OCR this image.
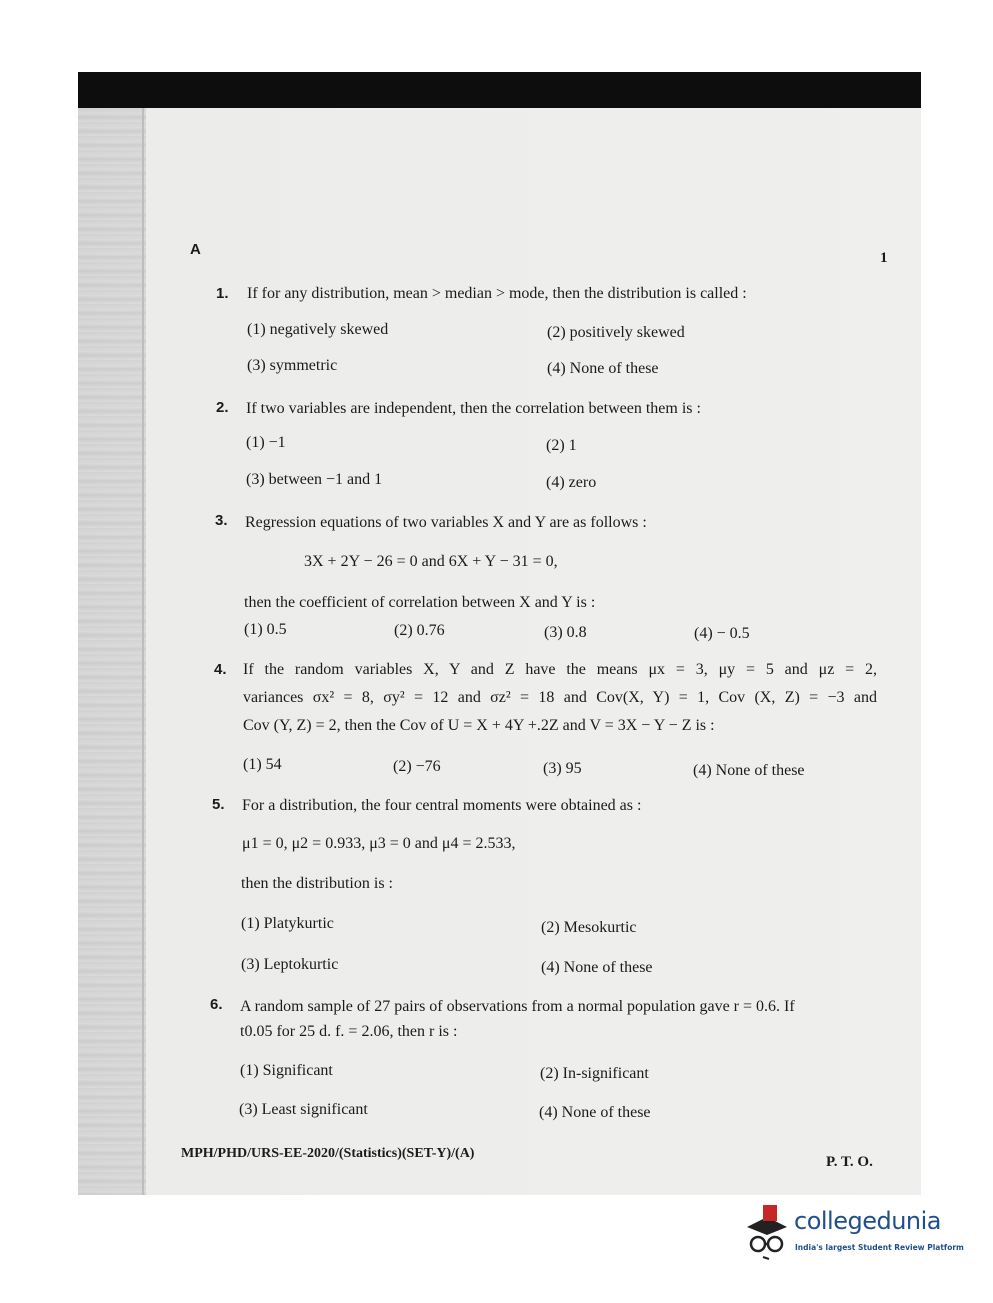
A	1
1. If for any distribution, mean > median > mode, then the distribution is called :
(1) negatively skewed	(2) positively skewed
(3) symmetric	(4) None of these
2. If two variables are independent, then the correlation between them is :
(1) −1	(2) 1
(3) between −1 and 1	(4) zero
3. Regression equations of two variables X and Y are as follows :
3X + 2Y − 26 = 0 and 6X + Y − 31 = 0,
then the coefficient of correlation between X and Y is :
(1) 0.5	(2) 0.76	(3) 0.8	(4) − 0.5
4. If the random variables X, Y and Z have the means μx = 3, μy = 5 and μz = 2,
variances σx² = 8, σy² = 12 and σz² = 18 and Cov(X, Y) = 1, Cov (X, Z) = −3 and
Cov (Y, Z) = 2, then the Cov of U = X + 4Y +.2Z and V = 3X − Y − Z is :
(1) 54	(2) −76	(3) 95	(4) None of these
5. For a distribution, the four central moments were obtained as :
μ1 = 0, μ2 = 0.933, μ3 = 0 and μ4 = 2.533,
then the distribution is :
(1) Platykurtic	(2) Mesokurtic
(3) Leptokurtic	(4) None of these
6. A random sample of 27 pairs of observations from a normal population gave r = 0.6. If
t0.05 for 25 d. f. = 2.06, then r is :
(1) Significant	(2) In-significant
(3) Least significant	(4) None of these
MPH/PHD/URS-EE-2020/(Statistics)(SET-Y)/(A)
P. T. O.
collegedunia
India's largest Student Review Platform
